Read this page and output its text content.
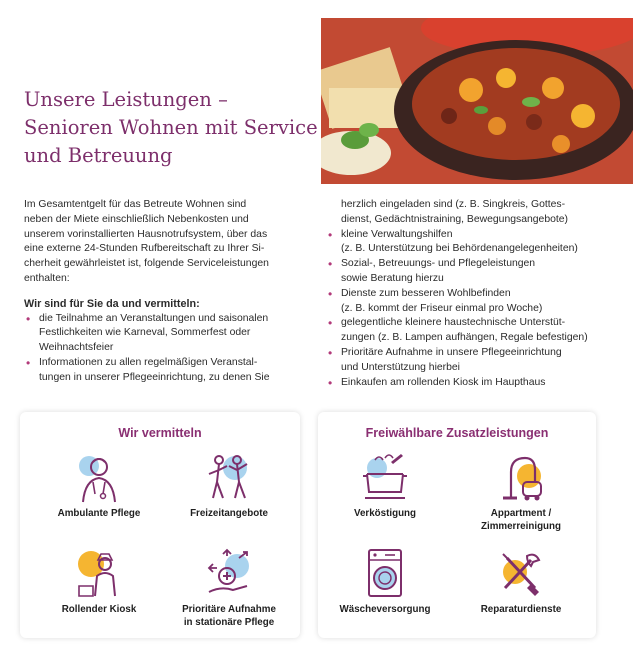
Unsere Leistungen –
Senioren Wohnen mit Service
und Betreuung

Im Gesamtentgelt für das Betreute Wohnen sind
neben der Miete einschließlich Nebenkosten und
unserem vorinstallierten Hausnotrufsystem, über das
eine externe 24-Stunden Rufbereitschaft zu Ihrer Si-
cherheit gewährleistet ist, folgende Serviceleistungen
enthalten:

Wir sind für Sie da und vermitteln:
• die Teilnahme an Veranstaltungen und saisonalen
Festlichkeiten wie Karneval, Sommerfest oder
Weihnachtsfeier
• Informationen zu allen regelmäßigen Veranstal-
tungen in unserer Pflegeeinrichtung, zu denen Sie
herzlich eingeladen sind (z. B. Singkreis, Gottes-
dienst, Gedächtnistraining, Bewegungsangebote)
• kleine Verwaltungshilfen
(z. B. Unterstützung bei Behördenangelegenheiten)
• Sozial-, Betreuungs- und Pflegeleistungen
sowie Beratung hierzu
• Dienste zum besseren Wohlbefinden
(z. B. kommt der Friseur einmal pro Woche)
• gelegentliche kleinere haustechnische Unterstüt-
zungen (z. B. Lampen aufhängen, Regale befestigen)
• Prioritäre Aufnahme in unsere Pflegeeinrichtung
und Unterstützung hierbei
• Einkaufen am rollenden Kiosk im Haupthaus
Wir vermitteln
Ambulante Pflege	Freizeitangebote
Rollender Kiosk	Prioritäre Aufnahme
in stationäre Pflege
Freiwählbare Zusatzleistungen
Verköstigung	Appartment /
Zimmerreinigung
Wäscheversorgung	Reparaturdienste
